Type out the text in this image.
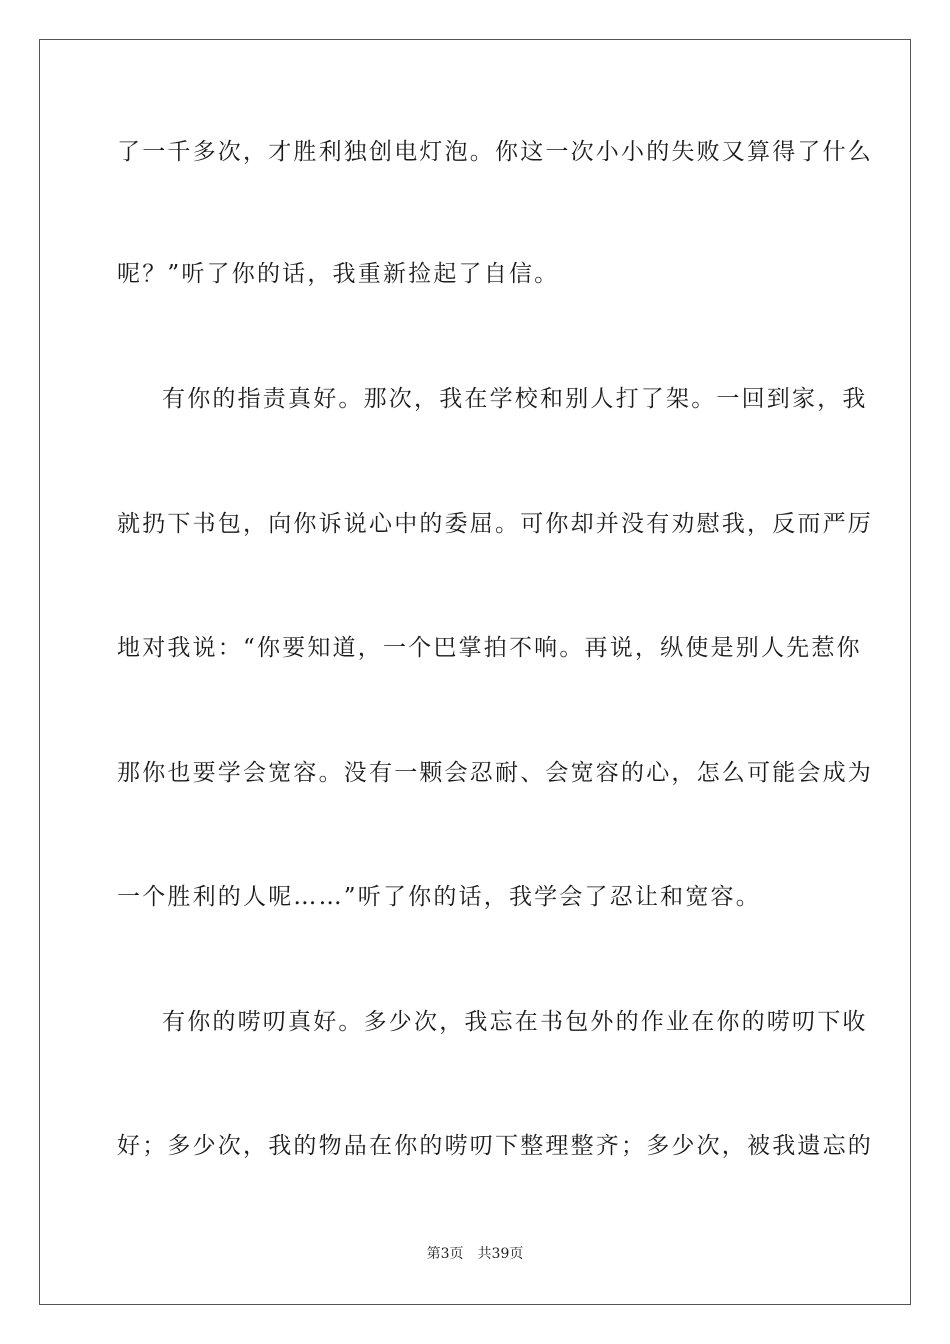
了一千多次，才胜利独创电灯泡。你这一次小小的失败又算得了什么
呢？”听了你的话，我重新捡起了自信。
有你的指责真好。那次，我在学校和别人打了架。一回到家，我
就扔下书包，向你诉说心中的委屈。可你却并没有劝慰我，反而严厉
地对我说：“你要知道，一个巴掌拍不响。再说，纵使是别人先惹你
那你也要学会宽容。没有一颗会忍耐、会宽容的心，怎么可能会成为
一个胜利的人呢……”听了你的话，我学会了忍让和宽容。
有你的唠叨真好。多少次，我忘在书包外的作业在你的唠叨下收
好；多少次，我的物品在你的唠叨下整理整齐；多少次，被我遗忘的
第3页 共39页
